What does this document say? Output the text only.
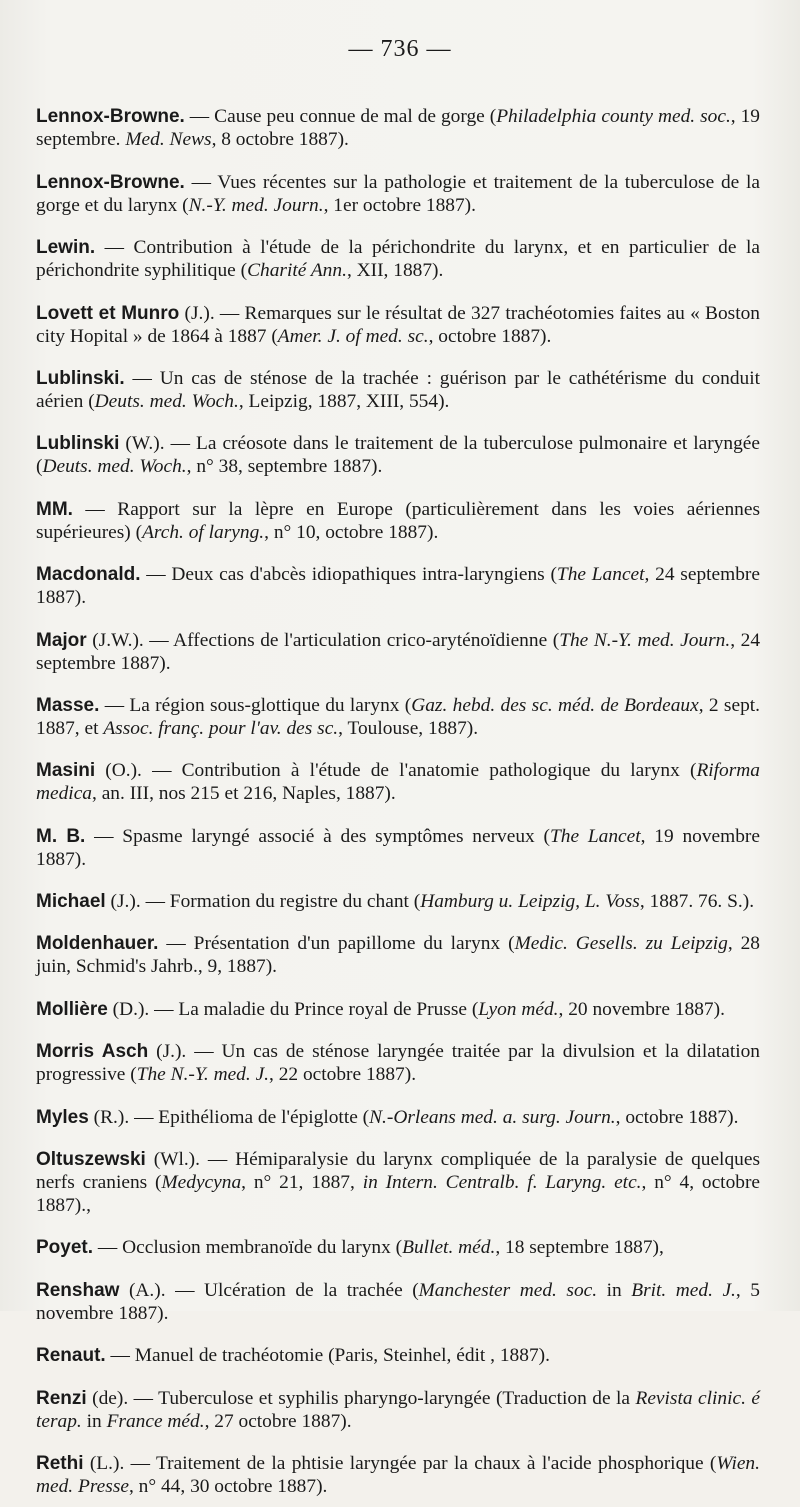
— 736 —

Lennox-Browne. — Cause peu connue de mal de gorge (Philadelphia county med. soc., 19 septembre. Med. News, 8 octobre 1887).

Lennox-Browne. — Vues récentes sur la pathologie et traitement de la tuberculose de la gorge et du larynx (N.-Y. med. Journ., 1er octobre 1887).

Lewin. — Contribution à l'étude de la périchondrite du larynx, et en particulier de la périchondrite syphilitique (Charité Ann., XII, 1887).

Lovett et Munro (J.). — Remarques sur le résultat de 327 trachéotomies faites au « Boston city Hopital » de 1864 à 1887 (Amer. J. of med. sc., octobre 1887).

Lublinski. — Un cas de sténose de la trachée : guérison par le cathétérisme du conduit aérien (Deuts. med. Woch., Leipzig, 1887, XIII, 554).

Lublinski (W.). — La créosote dans le traitement de la tuberculose pulmonaire et laryngée (Deuts. med. Woch., n° 38, septembre 1887).

MM. — Rapport sur la lèpre en Europe (particulièrement dans les voies aériennes supérieures) (Arch. of laryng., n° 10, octobre 1887).

Macdonald. — Deux cas d'abcès idiopathiques intra-laryngiens (The Lancet, 24 septembre 1887).

Major (J.W.). — Affections de l'articulation crico-aryténoïdienne (The N.-Y. med. Journ., 24 septembre 1887).

Masse. — La région sous-glottique du larynx (Gaz. hebd. des sc. méd. de Bordeaux, 2 sept. 1887, et Assoc. franç. pour l'av. des sc., Toulouse, 1887).

Masini (O.). — Contribution à l'étude de l'anatomie pathologique du larynx (Riforma medica, an. III, nos 215 et 216, Naples, 1887).

M. B. — Spasme laryngé associé à des symptômes nerveux (The Lancet, 19 novembre 1887).

Michael (J.). — Formation du registre du chant (Hamburg u. Leipzig, L. Voss, 1887. 76. S.).

Moldenhauer. — Présentation d'un papillome du larynx (Medic. Gesells. zu Leipzig, 28 juin, Schmid's Jahrb., 9, 1887).

Mollière (D.). — La maladie du Prince royal de Prusse (Lyon méd., 20 novembre 1887).

Morris Asch (J.). — Un cas de sténose laryngée traitée par la divulsion et la dilatation progressive (The N.-Y. med. J., 22 octobre 1887).

Myles (R.). — Epithélioma de l'épiglotte (N.-Orleans med. a. surg. Journ., octobre 1887).

Oltuszewski (Wl.). — Hémiparalysie du larynx compliquée de la paralysie de quelques nerfs craniens (Medycyna, n° 21, 1887, in Intern. Centralb. f. Laryng. etc., n° 4, octobre 1887).,

Poyet. — Occlusion membranoïde du larynx (Bullet. méd., 18 septembre 1887),

Renshaw (A.). — Ulcération de la trachée (Manchester med. soc. in Brit. med. J., 5 novembre 1887).

Renaut. — Manuel de trachéotomie (Paris, Steinhel, édit , 1887).

Renzi (de). — Tuberculose et syphilis pharyngo-laryngée (Traduction de la Revista clinic. é terap. in France méd., 27 octobre 1887).

Rethi (L.). — Traitement de la phtisie laryngée par la chaux à l'acide phosphorique (Wien. med. Presse, n° 44, 30 octobre 1887).
